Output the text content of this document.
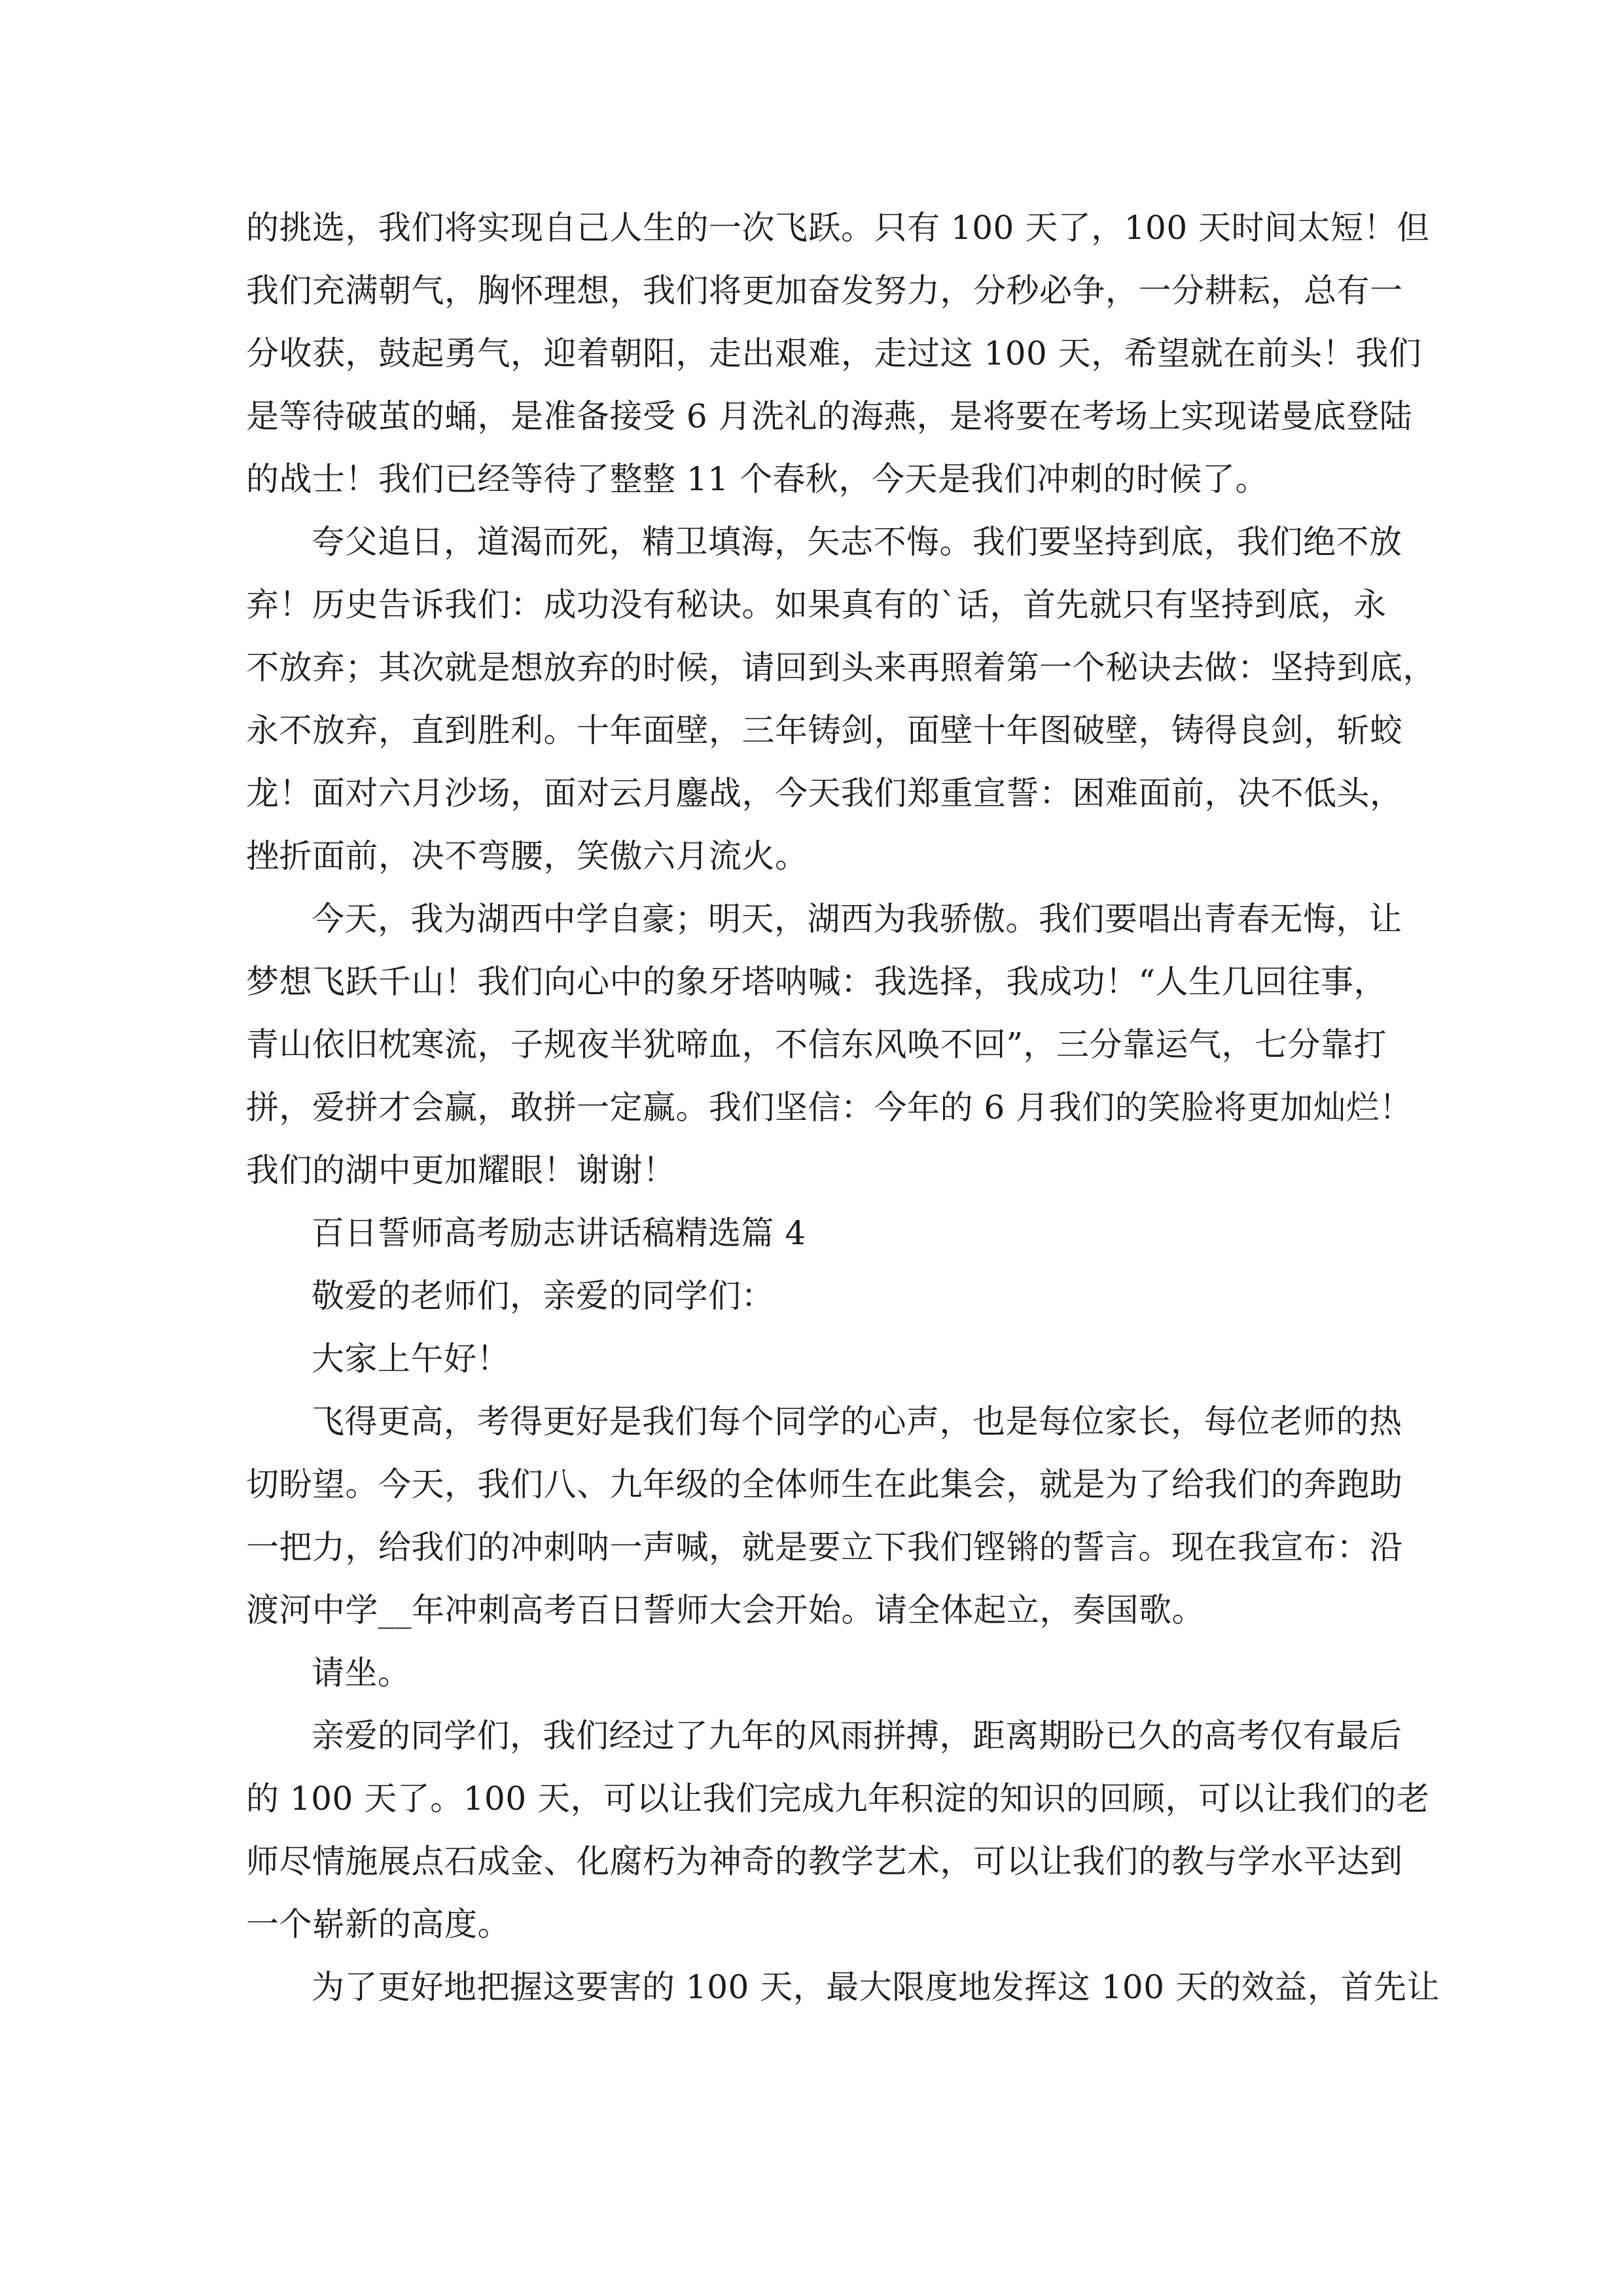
的挑选，我们将实现自己人生的一次飞跃。只有 100 天了，100 天时间太短！但
我们充满朝气，胸怀理想，我们将更加奋发努力，分秒必争，一分耕耘，总有一
分收获，鼓起勇气，迎着朝阳，走出艰难，走过这 100 天，希望就在前头！我们
是等待破茧的蛹，是准备接受 6 月洗礼的海燕，是将要在考场上实现诺曼底登陆
的战士！我们已经等待了整整 11 个春秋，今天是我们冲刺的时候了。

夸父追日，道渴而死，精卫填海，矢志不悔。我们要坚持到底，我们绝不放
弃！历史告诉我们：成功没有秘诀。如果真有的`话，首先就只有坚持到底，永
不放弃；其次就是想放弃的时候，请回到头来再照着第一个秘诀去做：坚持到底，
永不放弃，直到胜利。十年面壁，三年铸剑，面壁十年图破壁，铸得良剑，斩蛟
龙！面对六月沙场，面对云月鏖战，今天我们郑重宣誓：困难面前，决不低头，
挫折面前，决不弯腰，笑傲六月流火。

今天，我为湖西中学自豪；明天，湖西为我骄傲。我们要唱出青春无悔，让
梦想飞跃千山！我们向心中的象牙塔呐喊：我选择，我成功！“人生几回往事，
青山依旧枕寒流，子规夜半犹啼血，不信东风唤不回”，三分靠运气，七分靠打
拼，爱拼才会赢，敢拼一定赢。我们坚信：今年的 6 月我们的笑脸将更加灿烂！
我们的湖中更加耀眼！谢谢！

百日誓师高考励志讲话稿精选篇 4

敬爱的老师们，亲爱的同学们：

大家上午好！

飞得更高，考得更好是我们每个同学的心声，也是每位家长，每位老师的热
切盼望。今天，我们八、九年级的全体师生在此集会，就是为了给我们的奔跑助
一把力，给我们的冲刺呐一声喊，就是要立下我们铿锵的誓言。现在我宣布：沿
渡河中学__年冲刺高考百日誓师大会开始。请全体起立，奏国歌。

请坐。

亲爱的同学们，我们经过了九年的风雨拼搏，距离期盼已久的高考仅有最后
的 100 天了。100 天，可以让我们完成九年积淀的知识的回顾，可以让我们的老
师尽情施展点石成金、化腐朽为神奇的教学艺术，可以让我们的教与学水平达到
一个崭新的高度。

为了更好地把握这要害的 100 天，最大限度地发挥这 100 天的效益，首先让
